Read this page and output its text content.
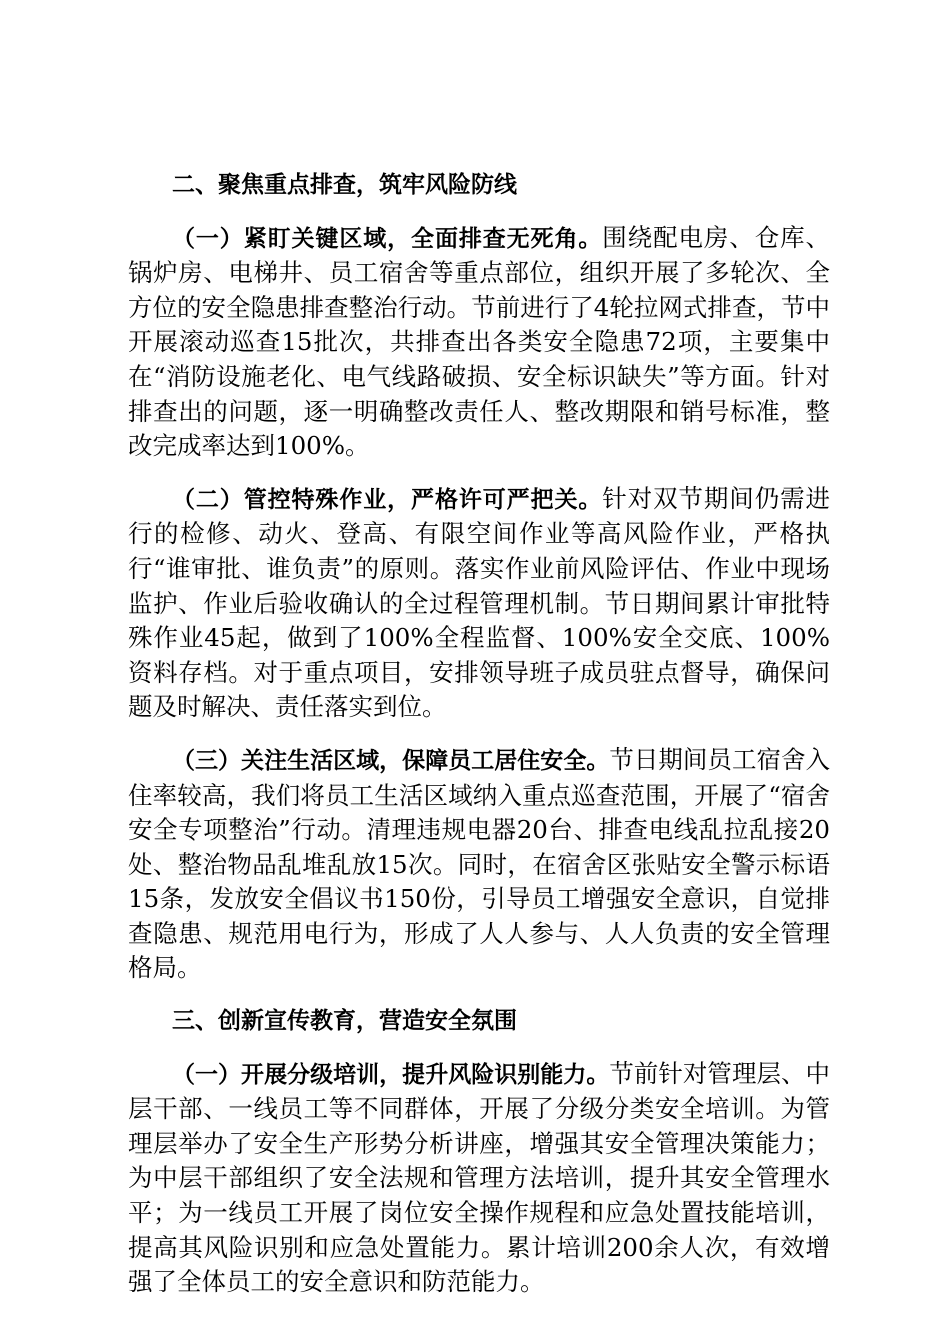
二、聚焦重点排查，筑牢风险防线

（一）紧盯关键区域，全面排查无死角。围绕配电房、仓库、锅炉房、电梯井、员工宿舍等重点部位，组织开展了多轮次、全方位的安全隐患排查整治行动。节前进行了4轮拉网式排查，节中开展滚动巡查15批次，共排查出各类安全隐患72项，主要集中在“消防设施老化、电气线路破损、安全标识缺失”等方面。针对排查出的问题，逐一明确整改责任人、整改期限和销号标准，整改完成率达到100%。

（二）管控特殊作业，严格许可严把关。针对双节期间仍需进行的检修、动火、登高、有限空间作业等高风险作业，严格执行“谁审批、谁负责”的原则。落实作业前风险评估、作业中现场监护、作业后验收确认的全过程管理机制。节日期间累计审批特殊作业45起，做到了100%全程监督、100%安全交底、100%资料存档。对于重点项目，安排领导班子成员驻点督导，确保问题及时解决、责任落实到位。

（三）关注生活区域，保障员工居住安全。节日期间员工宿舍入住率较高，我们将员工生活区域纳入重点巡查范围，开展了“宿舍安全专项整治”行动。清理违规电器20台、排查电线乱拉乱接20处、整治物品乱堆乱放15次。同时，在宿舍区张贴安全警示标语15条，发放安全倡议书150份，引导员工增强安全意识，自觉排查隐患、规范用电行为，形成了人人参与、人人负责的安全管理格局。

三、创新宣传教育，营造安全氛围

（一）开展分级培训，提升风险识别能力。节前针对管理层、中层干部、一线员工等不同群体，开展了分级分类安全培训。为管理层举办了安全生产形势分析讲座，增强其安全管理决策能力；为中层干部组织了安全法规和管理方法培训，提升其安全管理水平；为一线员工开展了岗位安全操作规程和应急处置技能培训，提高其风险识别和应急处置能力。累计培训200余人次，有效增强了全体员工的安全意识和防范能力。
